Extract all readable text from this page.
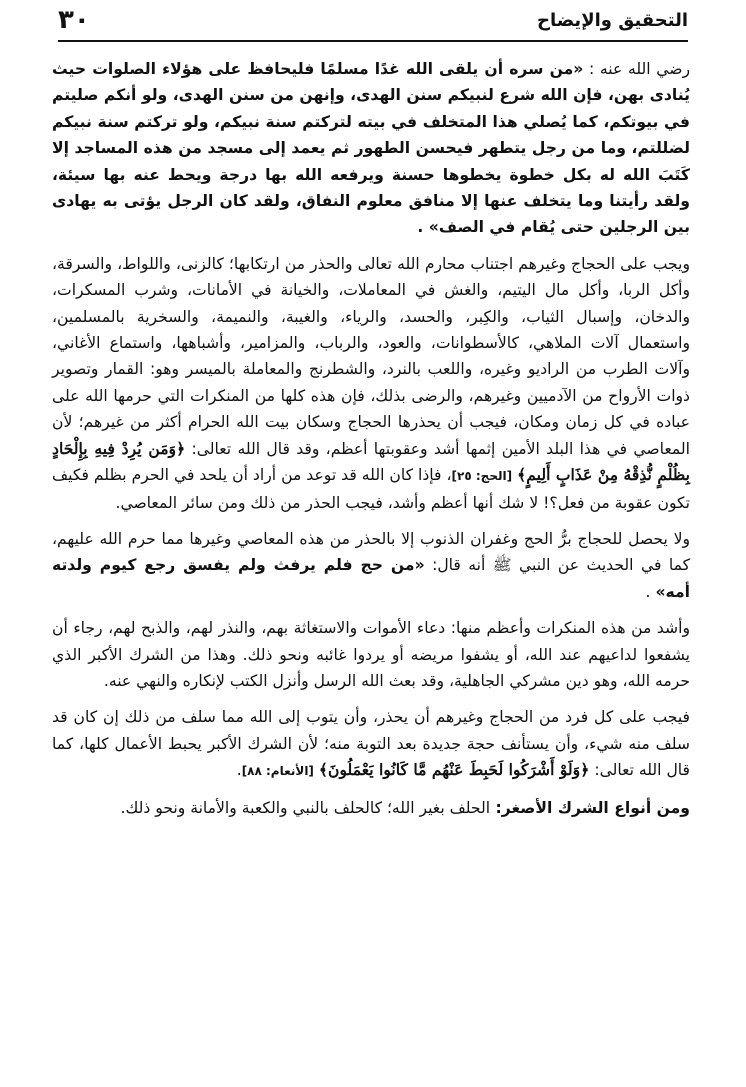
التحقيق والإيضاح
٣٠

رضي الله عنه : «من سره أن يلقى الله غدًا مسلمًا فليحافظ على هؤلاء الصلوات حيث يُنادى بهن، فإن الله شرع لنبيكم سنن الهدى، وإنهن من سنن الهدى، ولو أنكم صليتم في بيوتكم، كما يُصلي هذا المتخلف في بيته لتركتم سنة نبيكم، ولو تركتم سنة نبيكم لضللتم، وما من رجل يتطهر فيحسن الطهور ثم يعمد إلى مسجد من هذه المساجد إلا كَتَبَ الله له بكل خطوة يخطوها حسنة ويرفعه الله بها درجة ويحط عنه بها سيئة، ولقد رأيتنا وما يتخلف عنها إلا منافق معلوم النفاق، ولقد كان الرجل يؤتى به يهادى بين الرجلين حتى يُقام في الصف» .

ويجب على الحجاج وغيرهم اجتناب محارم الله تعالى والحذر من ارتكابها؛ كالزنى، واللواط، والسرقة، وأكل الربا، وأكل مال اليتيم، والغش في المعاملات، والخيانة في الأمانات، وشرب المسكرات، والدخان، وإسبال الثياب، والكِبر، والحسد، والرياء، والغيبة، والنميمة، والسخرية بالمسلمين، واستعمال آلات الملاهي، كالأسطوانات، والعود، والرباب، والمزامير، وأشباهها، واستماع الأغاني، وآلات الطرب من الراديو وغيره، واللعب بالنرد، والشطرنج والمعاملة بالميسر وهو: القمار وتصوير ذوات الأرواح من الآدميين وغيرهم، والرضى بذلك، فإن هذه كلها من المنكرات التي حرمها الله على عباده في كل زمان ومكان، فيجب أن يحذرها الحجاج وسكان بيت الله الحرام أكثر من غيرهم؛ لأن المعاصي في هذا البلد الأمين إثمها أشد وعقوبتها أعظم، وقد قال الله تعالى: ﴿وَمَن يُرِدْ فِيهِ بِإِلْحَادٍ بِظُلْمٍ نُّذِقْهُ مِنْ عَذَابٍ أَلِيمٍ﴾ [الحج: ٢٥]، فإذا كان الله قد توعد من أراد أن يلحد في الحرم بظلم فكيف تكون عقوبة من فعل؟! لا شك أنها أعظم وأشد، فيجب الحذر من ذلك ومن سائر المعاصي.

ولا يحصل للحجاج برُّ الحج وغفران الذنوب إلا بالحذر من هذه المعاصي وغيرها مما حرم الله عليهم، كما في الحديث عن النبي ﷺ أنه قال: «من حج فلم يرفث ولم يفسق رجع كيوم ولدته أمه» .

وأشد من هذه المنكرات وأعظم منها: دعاء الأموات والاستغاثة بهم، والنذر لهم، والذبح لهم، رجاء أن يشفعوا لداعيهم عند الله، أو يشفوا مريضه أو يردوا غائبه ونحو ذلك. وهذا من الشرك الأكبر الذي حرمه الله، وهو دين مشركي الجاهلية، وقد بعث الله الرسل وأنزل الكتب لإنكاره والنهي عنه.

فيجب على كل فرد من الحجاج وغيرهم أن يحذر، وأن يتوب إلى الله مما سلف من ذلك إن كان قد سلف منه شيء، وأن يستأنف حجة جديدة بعد التوبة منه؛ لأن الشرك الأكبر يحبط الأعمال كلها، كما قال الله تعالى: ﴿وَلَوْ أَشْرَكُوا لَحَبِطَ عَنْهُم مَّا كَانُوا يَعْمَلُونَ﴾ [الأنعام: ٨٨].

ومن أنواع الشرك الأصغر: الحلف بغير الله؛ كالحلف بالنبي والكعبة والأمانة ونحو ذلك.
